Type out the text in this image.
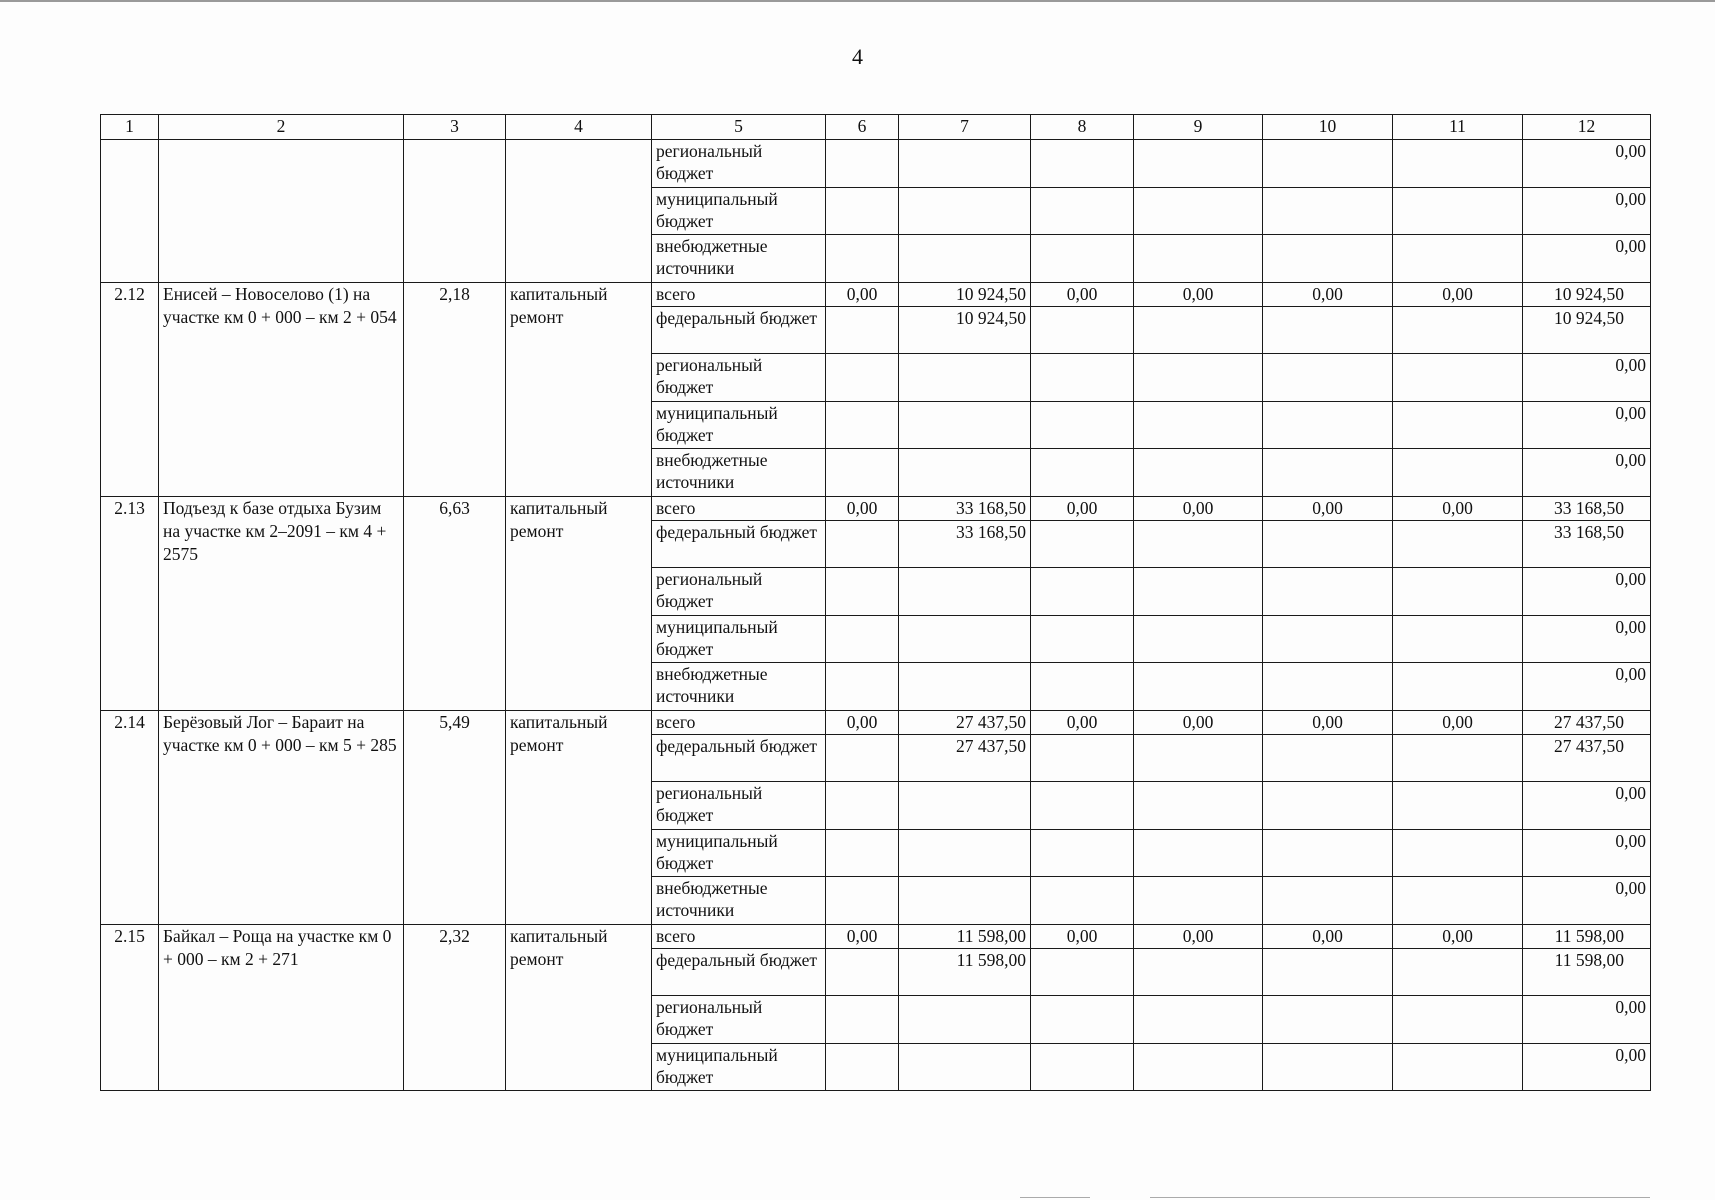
4
1	2	3	4	5	6	7	8	9	10	11	12
				региональный бюджет							0,00
				муниципальный бюджет							0,00
				внебюджетные источники							0,00
2.12	Енисей – Новоселово (1) на участке км 0 + 000 – км 2 + 054	2,18	капитальный ремонт	всего	0,00	10 924,50	0,00	0,00	0,00	0,00	10 924,50
				федеральный бюджет		10 924,50					10 924,50
				региональный бюджет							0,00
				муниципальный бюджет							0,00
				внебюджетные источники							0,00
2.13	Подъезд к базе отдыха Бузим на участке км 2–2091 – км 4 + 2575	6,63	капитальный ремонт	всего	0,00	33 168,50	0,00	0,00	0,00	0,00	33 168,50
				федеральный бюджет		33 168,50					33 168,50
				региональный бюджет							0,00
				муниципальный бюджет							0,00
				внебюджетные источники							0,00
2.14	Берёзовый Лог – Бараит на участке км 0 + 000 – км 5 + 285	5,49	капитальный ремонт	всего	0,00	27 437,50	0,00	0,00	0,00	0,00	27 437,50
				федеральный бюджет		27 437,50					27 437,50
				региональный бюджет							0,00
				муниципальный бюджет							0,00
				внебюджетные источники							0,00
2.15	Байкал – Роща на участке км 0 + 000 – км 2 + 271	2,32	капитальный ремонт	всего	0,00	11 598,00	0,00	0,00	0,00	0,00	11 598,00
				федеральный бюджет		11 598,00					11 598,00
				региональный бюджет							0,00
				муниципальный бюджет							0,00
